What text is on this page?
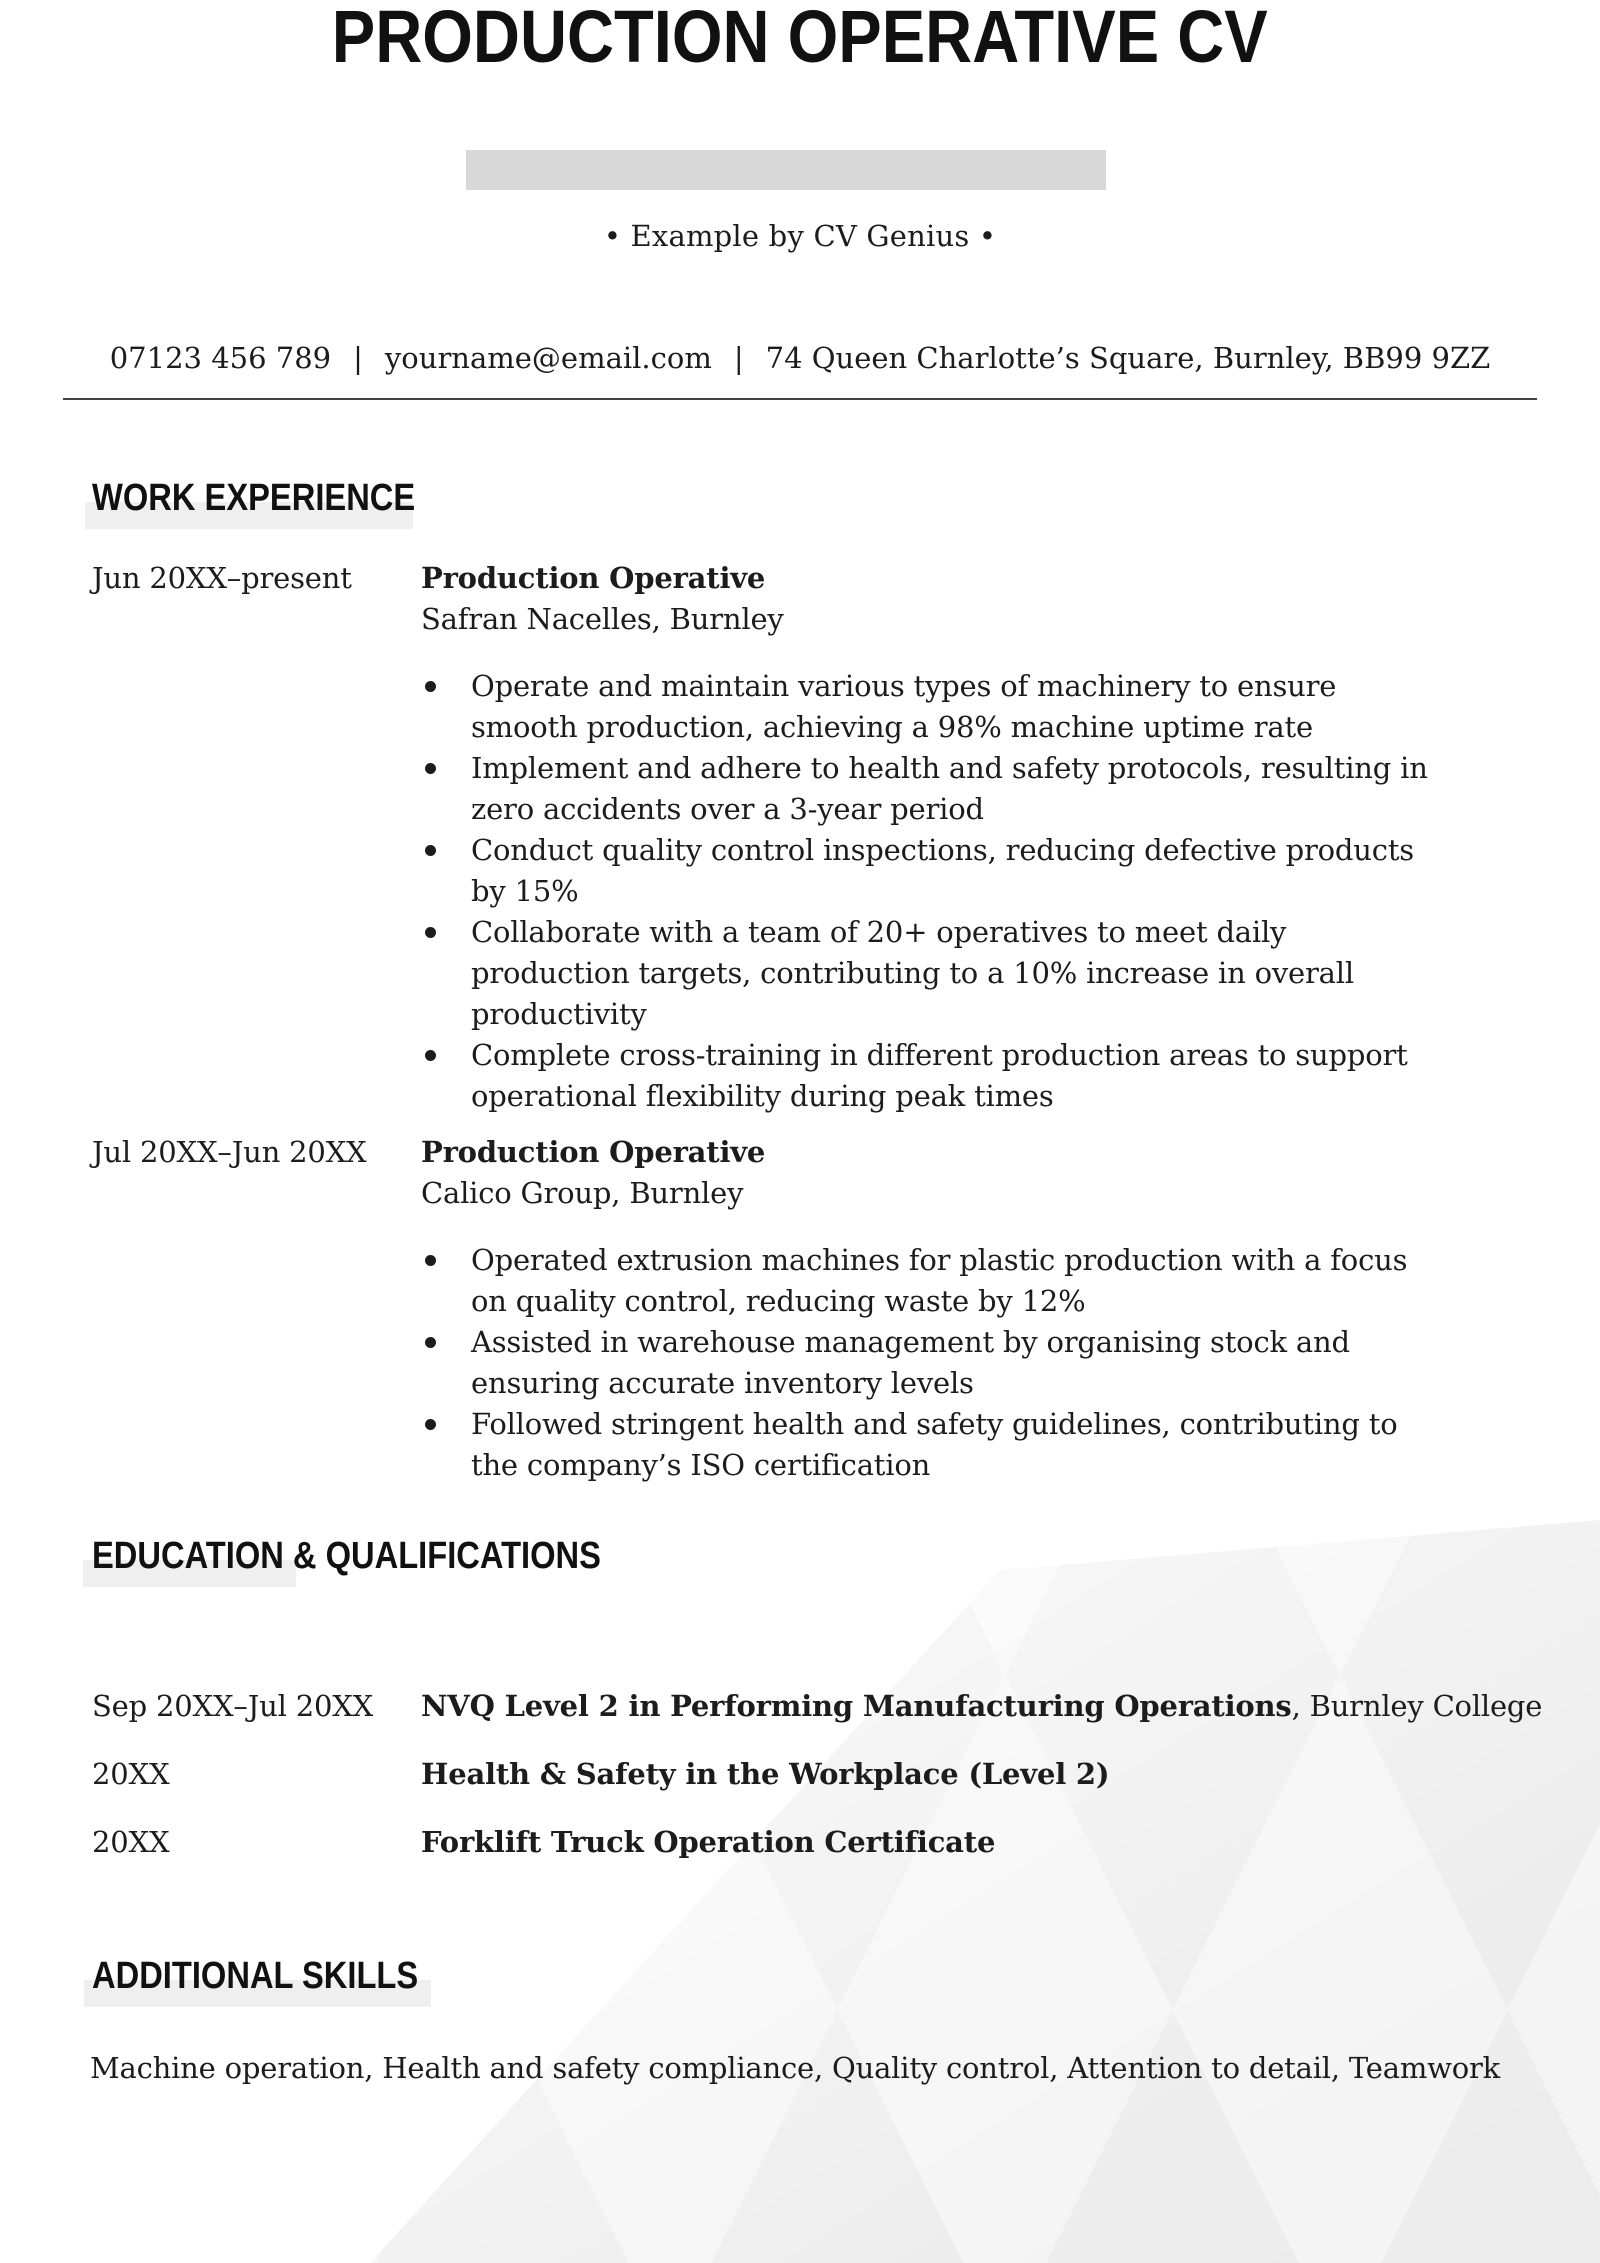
PRODUCTION OPERATIVE CV
• Example by CV Genius •
07123 456 789 | yourname@email.com | 74 Queen Charlotte’s Square, Burnley, BB99 9ZZ
WORK EXPERIENCE
Jun 20XX–present	Production Operative
Safran Nacelles, Burnley
Operate and maintain various types of machinery to ensure smooth production, achieving a 98% machine uptime rate
Implement and adhere to health and safety protocols, resulting in zero accidents over a 3-year period
Conduct quality control inspections, reducing defective products by 15%
Collaborate with a team of 20+ operatives to meet daily production targets, contributing to a 10% increase in overall productivity
Complete cross-training in different production areas to support operational flexibility during peak times
Jul 20XX–Jun 20XX	Production Operative
Calico Group, Burnley
Operated extrusion machines for plastic production with a focus on quality control, reducing waste by 12%
Assisted in warehouse management by organising stock and ensuring accurate inventory levels
Followed stringent health and safety guidelines, contributing to the company’s ISO certification
EDUCATION & QUALIFICATIONS
Sep 20XX–Jul 20XX	NVQ Level 2 in Performing Manufacturing Operations, Burnley College
20XX	Health & Safety in the Workplace (Level 2)
20XX	Forklift Truck Operation Certificate
ADDITIONAL SKILLS
Machine operation, Health and safety compliance, Quality control, Attention to detail, Teamwork
